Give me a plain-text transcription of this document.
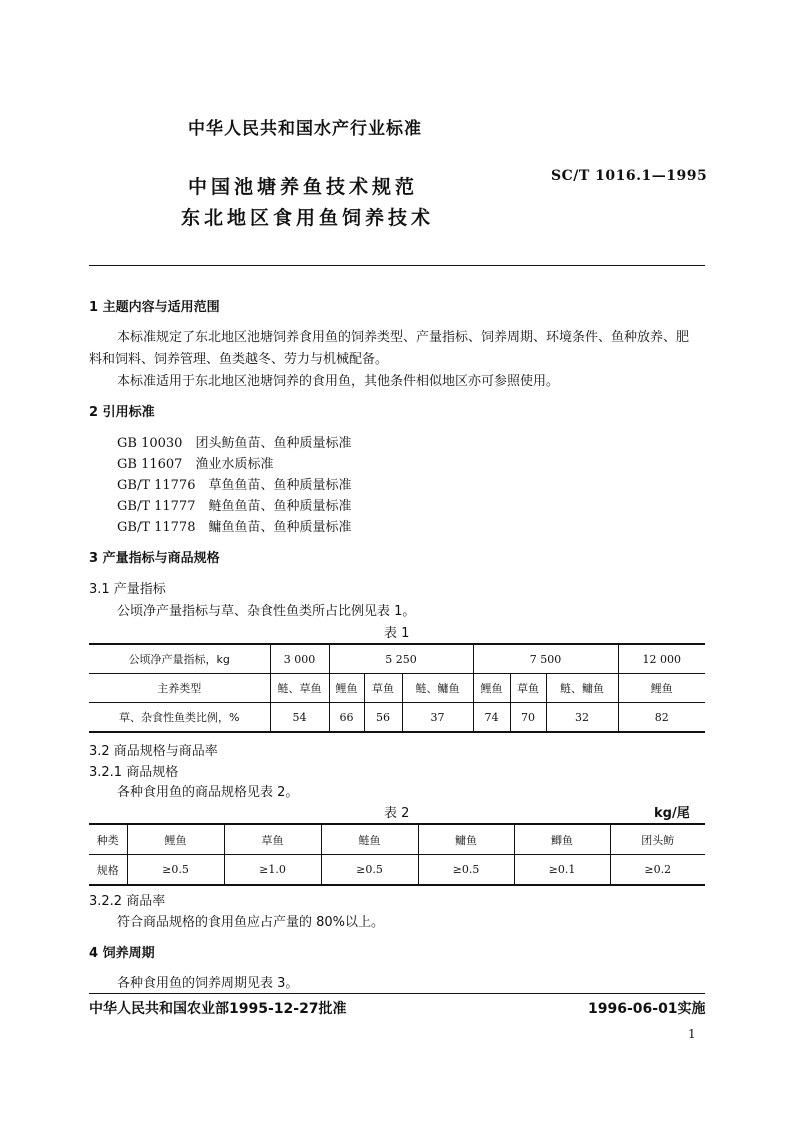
中华人民共和国水产行业标准
中国池塘养鱼技术规范
东北地区食用鱼饲养技术
SC/T 1016.1—1995
1 主题内容与适用范围
本标准规定了东北地区池塘饲养食用鱼的饲养类型、产量指标、饲养周期、环境条件、鱼种放养、肥
料和饲料、饲养管理、鱼类越冬、劳力与机械配备。
本标准适用于东北地区池塘饲养的食用鱼，其他条件相似地区亦可参照使用。
2 引用标准
GB 10030 团头鲂鱼苗、鱼种质量标准
GB 11607 渔业水质标准
GB/T 11776 草鱼鱼苗、鱼种质量标准
GB/T 11777 鲢鱼鱼苗、鱼种质量标准
GB/T 11778 鳙鱼鱼苗、鱼种质量标准
3 产量指标与商品规格
3.1 产量指标
公顷净产量指标与草、杂食性鱼类所占比例见表 1。
表 1
公顷净产量指标，kg	3 000	5 250			7 500			12 000
主养类型	鲢、草鱼	鲤鱼	草鱼	鲢、鳙鱼	鲤鱼	草鱼	鲢、鳙鱼	鲤鱼
草、杂食性鱼类比例，%	54	66	56	37	74	70	32	82
3.2 商品规格与商品率
3.2.1 商品规格
各种食用鱼的商品规格见表 2。
表 2	kg/尾
种类	鲤鱼	草鱼	鲢鱼	鳙鱼	鲫鱼	团头鲂
规格	≥0.5	≥1.0	≥0.5	≥0.5	≥0.1	≥0.2
3.2.2 商品率
符合商品规格的食用鱼应占产量的 80%以上。
4 饲养周期
各种食用鱼的饲养周期见表 3。
中华人民共和国农业部1995-12-27批准	1996-06-01实施
1
